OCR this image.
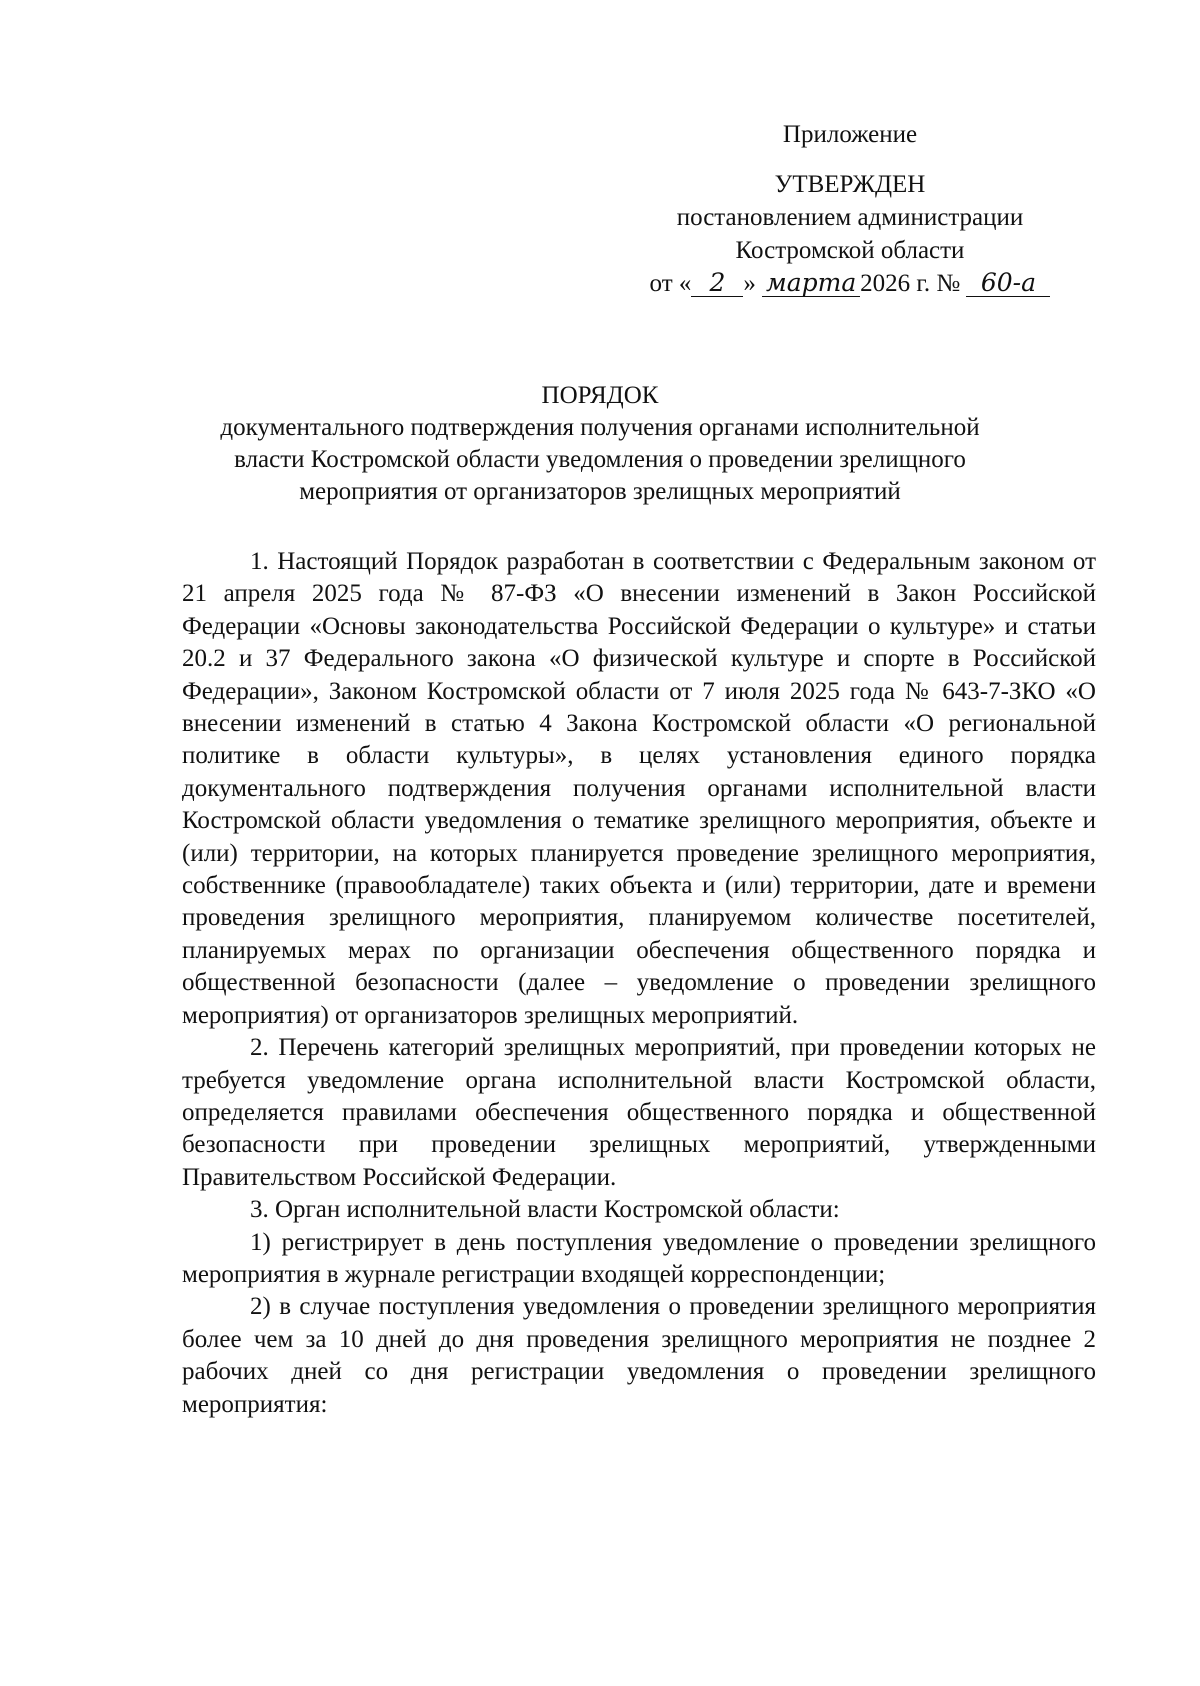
Приложение
УТВЕРЖДЕН
постановлением администрации
Костромской области
от « 2 » марта 2026 г. № 60-а
ПОРЯДОК
документального подтверждения получения органами исполнительной
власти Костромской области уведомления о проведении зрелищного
мероприятия от организаторов зрелищных мероприятий

1. Настоящий Порядок разработан в соответствии с Федеральным законом от 21 апреля 2025 года № 87-ФЗ «О внесении изменений в Закон Российской Федерации «Основы законодательства Российской Федерации о культуре» и статьи 20.2 и 37 Федерального закона «О физической культуре и спорте в Российской Федерации», Законом Костромской области от 7 июля 2025 года № 643-7-ЗКО «О внесении изменений в статью 4 Закона Костромской области «О региональной политике в области культуры», в целях установления единого порядка документального подтверждения получения органами исполнительной власти Костромской области уведомления о тематике зрелищного мероприятия, объекте и (или) территории, на которых планируется проведение зрелищного мероприятия, собственнике (правообладателе) таких объекта и (или) территории, дате и времени проведения зрелищного мероприятия, планируемом количестве посетителей, планируемых мерах по организации обеспечения общественного порядка и общественной безопасности (далее – уведомление о проведении зрелищного мероприятия) от организаторов зрелищных мероприятий.

2. Перечень категорий зрелищных мероприятий, при проведении которых не требуется уведомление органа исполнительной власти Костромской области, определяется правилами обеспечения общественного порядка и общественной безопасности при проведении зрелищных мероприятий, утвержденными Правительством Российской Федерации.

3. Орган исполнительной власти Костромской области:

1) регистрирует в день поступления уведомление о проведении зрелищного мероприятия в журнале регистрации входящей корреспонденции;

2) в случае поступления уведомления о проведении зрелищного мероприятия более чем за 10 дней до дня проведения зрелищного мероприятия не позднее 2 рабочих дней со дня регистрации уведомления о проведении зрелищного мероприятия:
